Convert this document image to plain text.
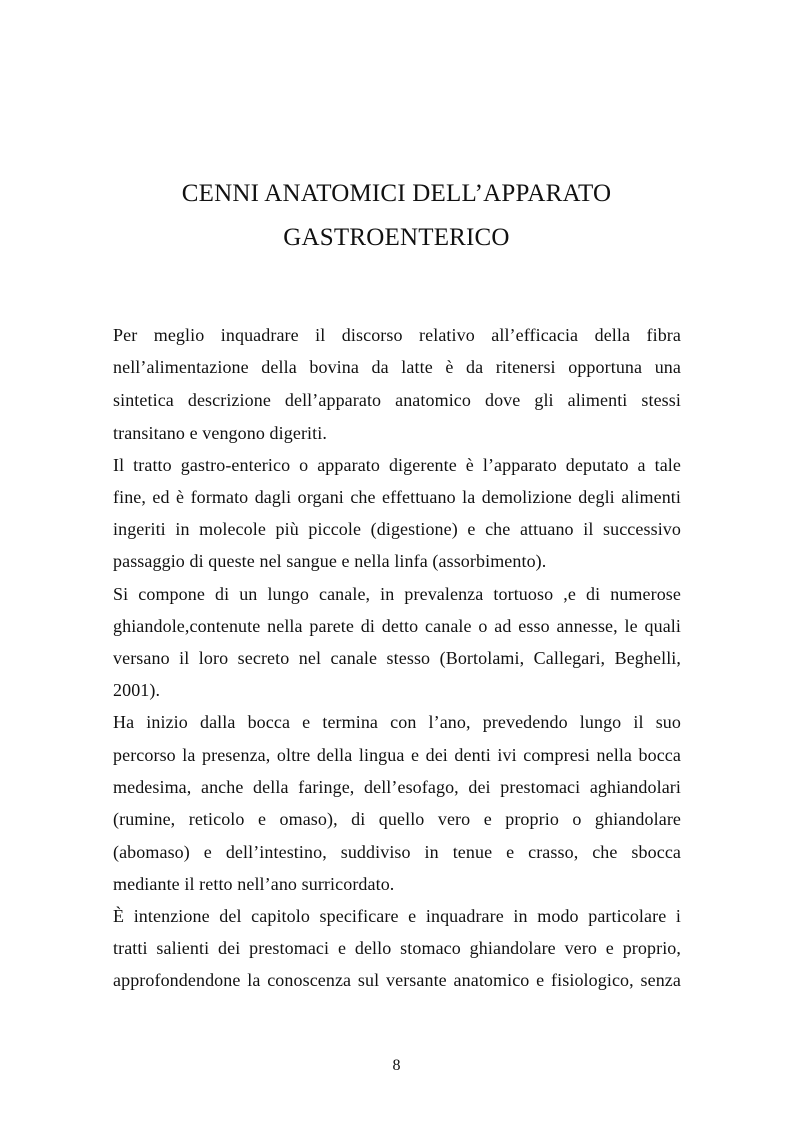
CENNI ANATOMICI DELL’APPARATO
GASTROENTERICO
Per meglio inquadrare il discorso relativo all’efficacia della fibra
nell’alimentazione della bovina da latte è da ritenersi opportuna una
sintetica descrizione dell’apparato anatomico dove gli alimenti stessi
transitano e vengono digeriti.
Il tratto gastro-enterico o apparato digerente è l’apparato deputato a tale
fine, ed è formato dagli organi che effettuano la demolizione degli alimenti
ingeriti in molecole più piccole (digestione) e che attuano il successivo
passaggio di queste nel sangue e nella linfa (assorbimento).
Si compone di un lungo canale, in prevalenza tortuoso ,e di numerose
ghiandole,contenute nella parete di detto canale o ad esso annesse, le quali
versano il loro secreto nel canale stesso (Bortolami, Callegari, Beghelli,
2001).
Ha inizio dalla bocca e termina con l’ano, prevedendo lungo il suo
percorso la presenza, oltre della lingua e dei denti ivi compresi nella bocca
medesima, anche della faringe, dell’esofago, dei prestomaci aghiandolari
(rumine, reticolo e omaso), di quello vero e proprio o ghiandolare
(abomaso) e dell’intestino, suddiviso in tenue e crasso, che sbocca
mediante il retto nell’ano surricordato.
È intenzione del capitolo specificare e inquadrare in modo particolare i
tratti salienti dei prestomaci e dello stomaco ghiandolare vero e proprio,
approfondendone la conoscenza sul versante anatomico e fisiologico, senza
8
